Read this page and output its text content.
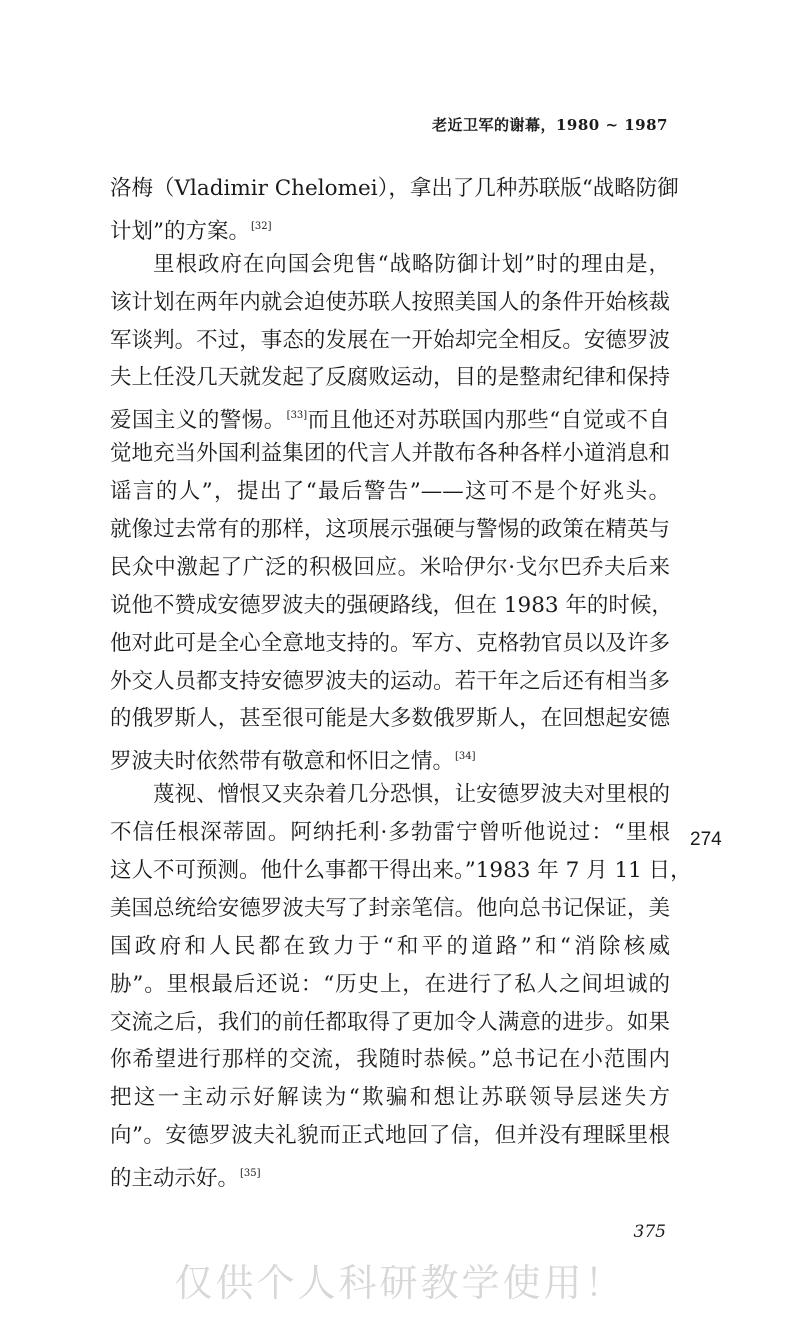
老近卫军的谢幕，1980 ~ 1987
洛梅（Vladimir Chelomei），拿出了几种苏联版“战略防御
计划”的方案。[32]
里根政府在向国会兜售“战略防御计划”时的理由是，
该计划在两年内就会迫使苏联人按照美国人的条件开始核裁
军谈判。不过，事态的发展在一开始却完全相反。安德罗波
夫上任没几天就发起了反腐败运动，目的是整肃纪律和保持
爱国主义的警惕。[33]而且他还对苏联国内那些“自觉或不自
觉地充当外国利益集团的代言人并散布各种各样小道消息和
谣言的人”，提出了“最后警告”——这可不是个好兆头。
就像过去常有的那样，这项展示强硬与警惕的政策在精英与
民众中激起了广泛的积极回应。米哈伊尔·戈尔巴乔夫后来
说他不赞成安德罗波夫的强硬路线，但在 1983 年的时候，
他对此可是全心全意地支持的。军方、克格勃官员以及许多
外交人员都支持安德罗波夫的运动。若干年之后还有相当多
的俄罗斯人，甚至很可能是大多数俄罗斯人，在回想起安德
罗波夫时依然带有敬意和怀旧之情。[34]
蔑视、憎恨又夹杂着几分恐惧，让安德罗波夫对里根的
不信任根深蒂固。阿纳托利·多勃雷宁曾听他说过：“里根
这人不可预测。他什么事都干得出来。”1983 年 7 月 11 日，
美国总统给安德罗波夫写了封亲笔信。他向总书记保证，美
国政府和人民都在致力于“和平的道路”和“消除核威
胁”。里根最后还说：“历史上，在进行了私人之间坦诚的
交流之后，我们的前任都取得了更加令人满意的进步。如果
你希望进行那样的交流，我随时恭候。”总书记在小范围内
把这一主动示好解读为“欺骗和想让苏联领导层迷失方
向”。安德罗波夫礼貌而正式地回了信，但并没有理睬里根
的主动示好。[35]
274
375
仅供个人科研教学使用！
